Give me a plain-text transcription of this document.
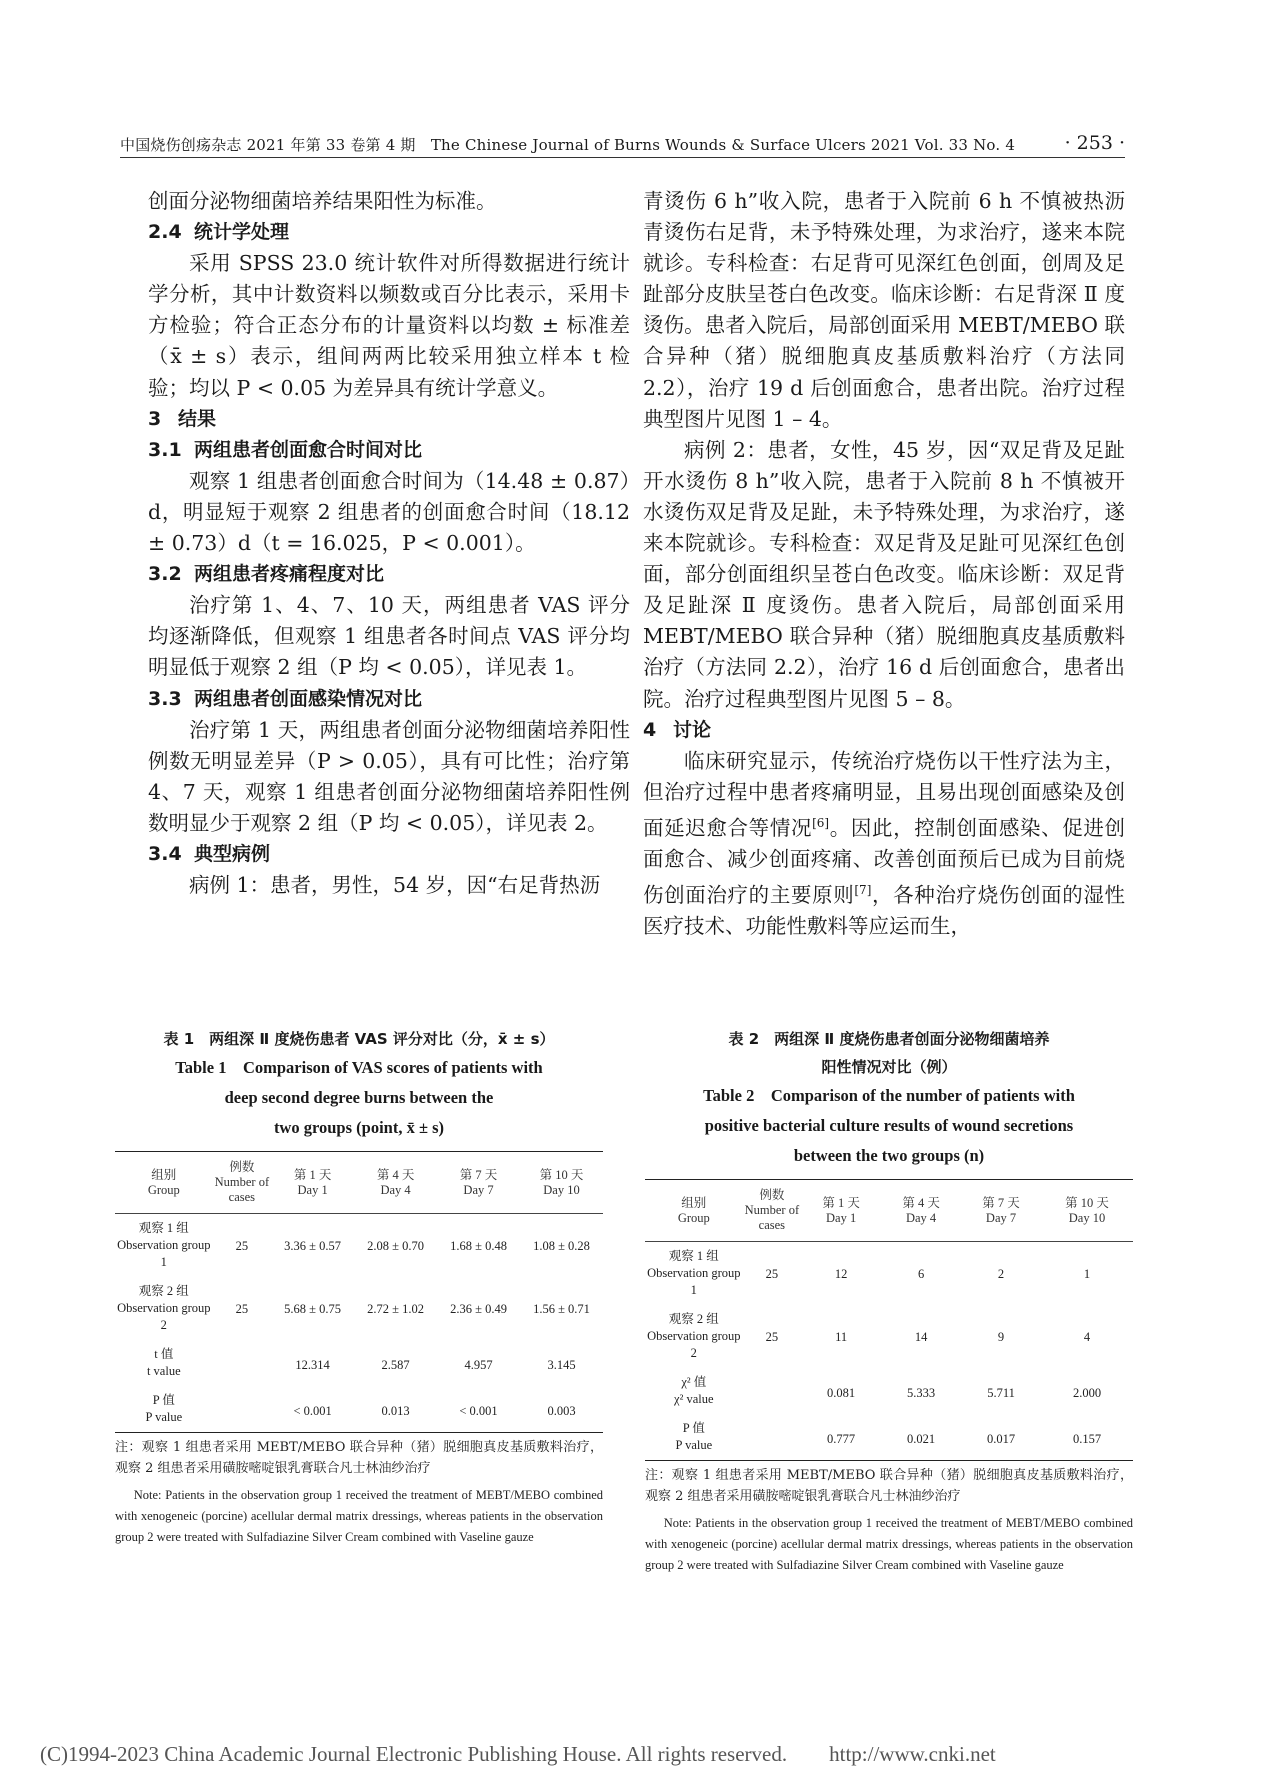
中国烧伤创疡杂志 2021 年第 33 卷第 4 期　 The Chinese Journal of Burns Wounds & Surface Ulcers 2021 Vol. 33 No. 4	· 253 ·

创面分泌物细菌培养结果阳性为标准。

2.4 统计学处理

采用 SPSS 23.0 统计软件对所得数据进行统计学分析，其中计数资料以频数或百分比表示，采用卡方检验；符合正态分布的计量资料以均数 ± 标准差（x̄ ± s）表示，组间两两比较采用独立样本 t 检验；均以 P < 0.05 为差异具有统计学意义。

3 结果

3.1 两组患者创面愈合时间对比

观察 1 组患者创面愈合时间为（14.48 ± 0.87）d，明显短于观察 2 组患者的创面愈合时间（18.12 ± 0.73）d（t = 16.025，P < 0.001）。

3.2 两组患者疼痛程度对比

治疗第 1、4、7、10 天，两组患者 VAS 评分均逐渐降低，但观察 1 组患者各时间点 VAS 评分均明显低于观察 2 组（P 均 < 0.05），详见表 1。

3.3 两组患者创面感染情况对比

治疗第 1 天，两组患者创面分泌物细菌培养阳性例数无明显差异（P > 0.05），具有可比性；治疗第 4、7 天，观察 1 组患者创面分泌物细菌培养阳性例数明显少于观察 2 组（P 均 < 0.05），详见表 2。

3.4 典型病例

病例 1：患者，男性，54 岁，因“右足背热沥

青烫伤 6 h”收入院，患者于入院前 6 h 不慎被热沥青烫伤右足背，未予特殊处理，为求治疗，遂来本院就诊。专科检查：右足背可见深红色创面，创周及足趾部分皮肤呈苍白色改变。临床诊断：右足背深 Ⅱ 度烫伤。患者入院后，局部创面采用 MEBT/MEBO 联合异种（猪）脱细胞真皮基质敷料治疗（方法同 2.2），治疗 19 d 后创面愈合，患者出院。治疗过程典型图片见图 1 – 4。

病例 2：患者，女性，45 岁，因“双足背及足趾开水烫伤 8 h”收入院，患者于入院前 8 h 不慎被开水烫伤双足背及足趾，未予特殊处理，为求治疗，遂来本院就诊。专科检查：双足背及足趾可见深红色创面，部分创面组织呈苍白色改变。临床诊断：双足背及足趾深 Ⅱ 度烫伤。患者入院后，局部创面采用 MEBT/MEBO 联合异种（猪）脱细胞真皮基质敷料治疗（方法同 2.2），治疗 16 d 后创面愈合，患者出院。治疗过程典型图片见图 5 – 8。

4 讨论

临床研究显示，传统治疗烧伤以干性疗法为主，但治疗过程中患者疼痛明显，且易出现创面感染及创面延迟愈合等情况[6]。因此，控制创面感染、促进创面愈合、减少创面疼痛、改善创面预后已成为目前烧伤创面治疗的主要原则[7]，各种治疗烧伤创面的湿性医疗技术、功能性敷料等应运而生，

表 1　两组深 Ⅱ 度烧伤患者 VAS 评分对比（分，x̄ ± s）
Table 1　Comparison of VAS scores of patients with
deep second degree burns between the
two groups (point, x̄ ± s)
组别
Group	例数
Number of cases	第 1 天
Day 1	第 4 天
Day 4	第 7 天
Day 7	第 10 天
Day 10
观察 1 组
Observation group 1	25	3.36 ± 0.57	2.08 ± 0.70	1.68 ± 0.48	1.08 ± 0.28
观察 2 组
Observation group 2	25	5.68 ± 0.75	2.72 ± 1.02	2.36 ± 0.49	1.56 ± 0.71
t 值
t value		12.314	2.587	4.957	3.145
P 值
P value		< 0.001	0.013	< 0.001	0.003
注：观察 1 组患者采用 MEBT/MEBO 联合异种（猪）脱细胞真皮基质敷料治疗，观察 2 组患者采用磺胺嘧啶银乳膏联合凡士林油纱治疗
Note: Patients in the observation group 1 received the treatment of MEBT/MEBO combined with xenogeneic (porcine) acellular dermal matrix dressings, whereas patients in the observation group 2 were treated with Sulfadiazine Silver Cream combined with Vaseline gauze
表 2　两组深 Ⅱ 度烧伤患者创面分泌物细菌培养
阳性情况对比（例）
Table 2　Comparison of the number of patients with
positive bacterial culture results of wound secretions
between the two groups (n)
组别
Group	例数
Number of cases	第 1 天
Day 1	第 4 天
Day 4	第 7 天
Day 7	第 10 天
Day 10
观察 1 组
Observation group 1	25	12	6	2	1
观察 2 组
Observation group 2	25	11	14	9	4
χ² 值
χ² value		0.081	5.333	5.711	2.000
P 值
P value		0.777	0.021	0.017	0.157
注：观察 1 组患者采用 MEBT/MEBO 联合异种（猪）脱细胞真皮基质敷料治疗，观察 2 组患者采用磺胺嘧啶银乳膏联合凡士林油纱治疗
Note: Patients in the observation group 1 received the treatment of MEBT/MEBO combined with xenogeneic (porcine) acellular dermal matrix dressings, whereas patients in the observation group 2 were treated with Sulfadiazine Silver Cream combined with Vaseline gauze
(C)1994-2023 China Academic Journal Electronic Publishing House. All rights reserved.　　http://www.cnki.net
